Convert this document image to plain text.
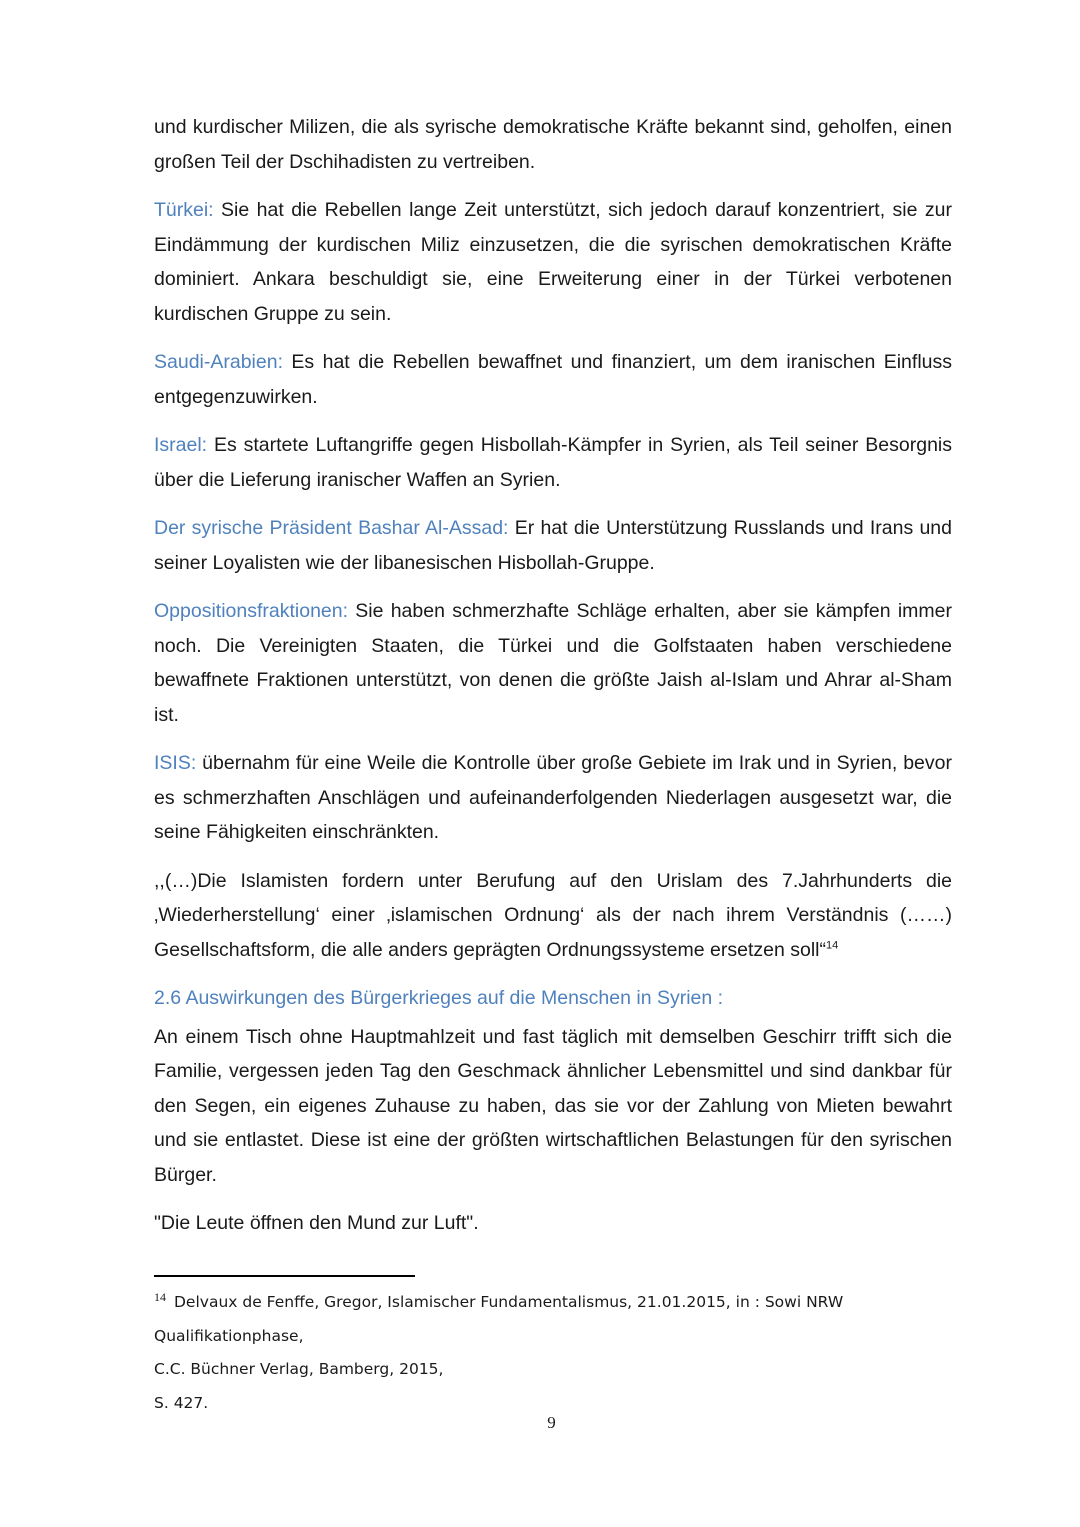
und kurdischer Milizen, die als syrische demokratische Kräfte bekannt sind, geholfen, einen großen Teil der Dschihadisten zu vertreiben.

Türkei: Sie hat die Rebellen lange Zeit unterstützt, sich jedoch darauf konzentriert, sie zur Eindämmung der kurdischen Miliz einzusetzen, die die syrischen demokratischen Kräfte dominiert. Ankara beschuldigt sie, eine Erweiterung einer in der Türkei verbotenen kurdischen Gruppe zu sein.

Saudi-Arabien: Es hat die Rebellen bewaffnet und finanziert, um dem iranischen Einfluss entgegenzuwirken.

Israel: Es startete Luftangriffe gegen Hisbollah-Kämpfer in Syrien, als Teil seiner Besorgnis über die Lieferung iranischer Waffen an Syrien.

Der syrische Präsident Bashar Al-Assad: Er hat die Unterstützung Russlands und Irans und seiner Loyalisten wie der libanesischen Hisbollah-Gruppe.

Oppositionsfraktionen: Sie haben schmerzhafte Schläge erhalten, aber sie kämpfen immer noch. Die Vereinigten Staaten, die Türkei und die Golfstaaten haben verschiedene bewaffnete Fraktionen unterstützt, von denen die größte Jaish al-Islam und Ahrar al-Sham ist.

ISIS: übernahm für eine Weile die Kontrolle über große Gebiete im Irak und in Syrien, bevor es schmerzhaften Anschlägen und aufeinanderfolgenden Niederlagen ausgesetzt war, die seine Fähigkeiten einschränkten.

,,(…)Die Islamisten fordern unter Berufung auf den Urislam des 7.Jahrhunderts die ‚Wiederherstellung‘ einer ‚islamischen Ordnung‘ als der nach ihrem Verständnis (……) Gesellschaftsform, die alle anders geprägten Ordnungssysteme ersetzen soll“$^{14}$

2.6 Auswirkungen des Bürgerkrieges auf die Menschen in Syrien :

An einem Tisch ohne Hauptmahlzeit und fast täglich mit demselben Geschirr trifft sich die Familie, vergessen jeden Tag den Geschmack ähnlicher Lebensmittel und sind dankbar für den Segen, ein eigenes Zuhause zu haben, das sie vor der Zahlung von Mieten bewahrt und sie entlastet. Diese ist eine der größten wirtschaftlichen Belastungen für den syrischen Bürger.

"Die Leute öffnen den Mund zur Luft".

$^{14}$ Delvaux de Fenffe, Gregor, Islamischer Fundamentalismus, 21.01.2015, in : Sowi NRW Qualifikationphase,
C.C. Büchner Verlag, Bamberg, 2015,
S. 427.
9
